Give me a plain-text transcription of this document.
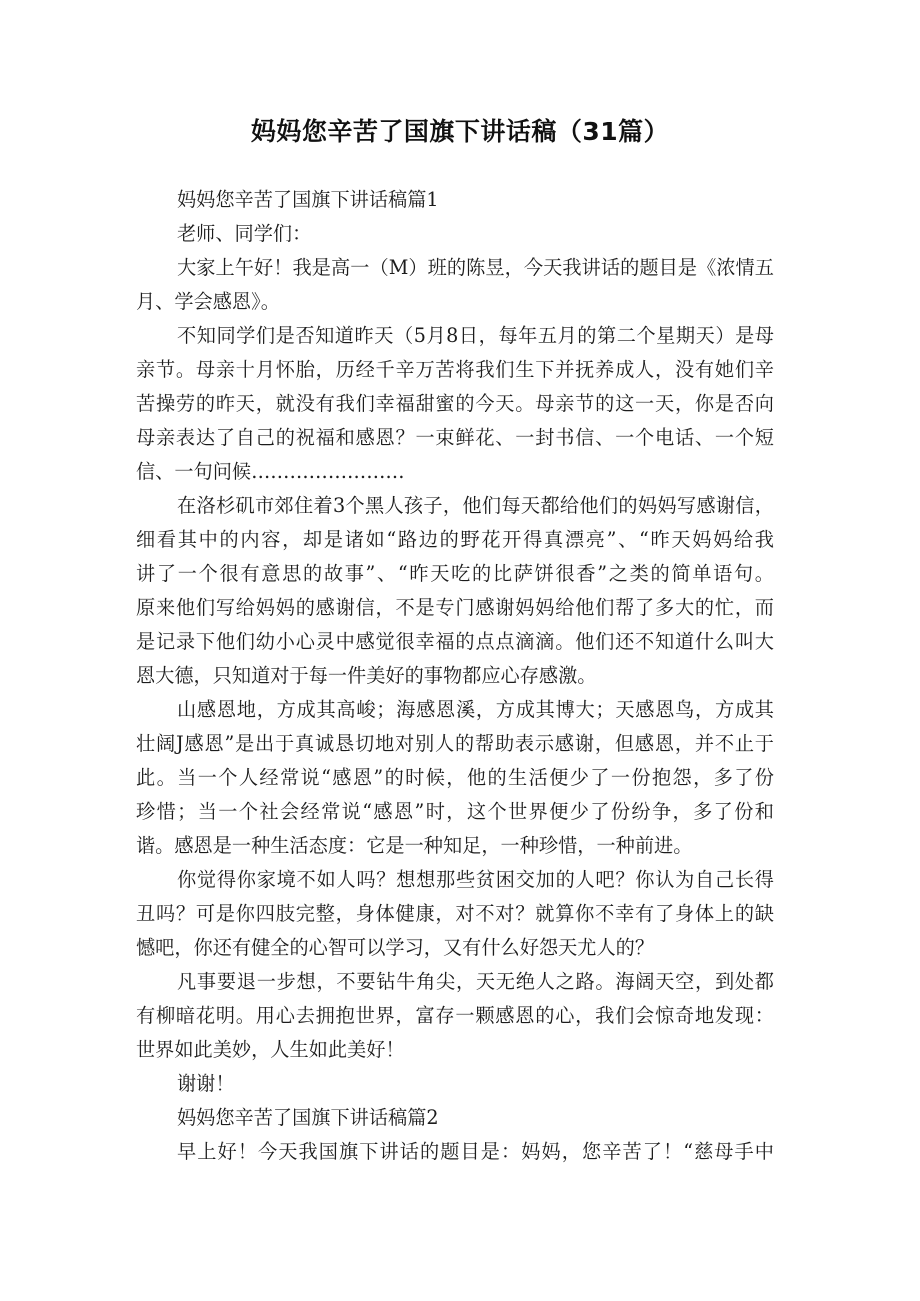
妈妈您辛苦了国旗下讲话稿（31篇）

妈妈您辛苦了国旗下讲话稿篇1

老师、同学们：

大家上午好！我是高一（M）班的陈昱，今天我讲话的题目是《浓情五
月、学会感恩》。

不知同学们是否知道昨天（5月8日，每年五月的第二个星期天）是母
亲节。母亲十月怀胎，历经千辛万苦将我们生下并抚养成人，没有她们辛
苦操劳的昨天，就没有我们幸福甜蜜的今天。母亲节的这一天，你是否向
母亲表达了自己的祝福和感恩？一束鲜花、一封书信、一个电话、一个短
信、一句问候……………………

在洛杉矶市郊住着3个黑人孩子，他们每天都给他们的妈妈写感谢信，
细看其中的内容，却是诸如“路边的野花开得真漂亮”、“昨天妈妈给我
讲了一个很有意思的故事”、“昨天吃的比萨饼很香”之类的简单语句。
原来他们写给妈妈的感谢信，不是专门感谢妈妈给他们帮了多大的忙，而
是记录下他们幼小心灵中感觉很幸福的点点滴滴。他们还不知道什么叫大
恩大德，只知道对于每一件美好的事物都应心存感激。

山感恩地，方成其高峻；海感恩溪，方成其博大；天感恩鸟，方成其
壮阔J感恩”是出于真诚恳切地对别人的帮助表示感谢，但感恩，并不止于
此。当一个人经常说“感恩”的时候，他的生活便少了一份抱怨，多了份
珍惜；当一个社会经常说“感恩”时，这个世界便少了份纷争，多了份和
谐。感恩是一种生活态度：它是一种知足，一种珍惜，一种前进。

你觉得你家境不如人吗？想想那些贫困交加的人吧？你认为自己长得
丑吗？可是你四肢完整，身体健康，对不对？就算你不幸有了身体上的缺
憾吧，你还有健全的心智可以学习，又有什么好怨天尤人的？

凡事要退一步想，不要钻牛角尖，天无绝人之路。海阔天空，到处都
有柳暗花明。用心去拥抱世界，富存一颗感恩的心，我们会惊奇地发现：
世界如此美妙，人生如此美好！

谢谢！

妈妈您辛苦了国旗下讲话稿篇2

早上好！今天我国旗下讲话的题目是：妈妈，您辛苦了！“慈母手中
